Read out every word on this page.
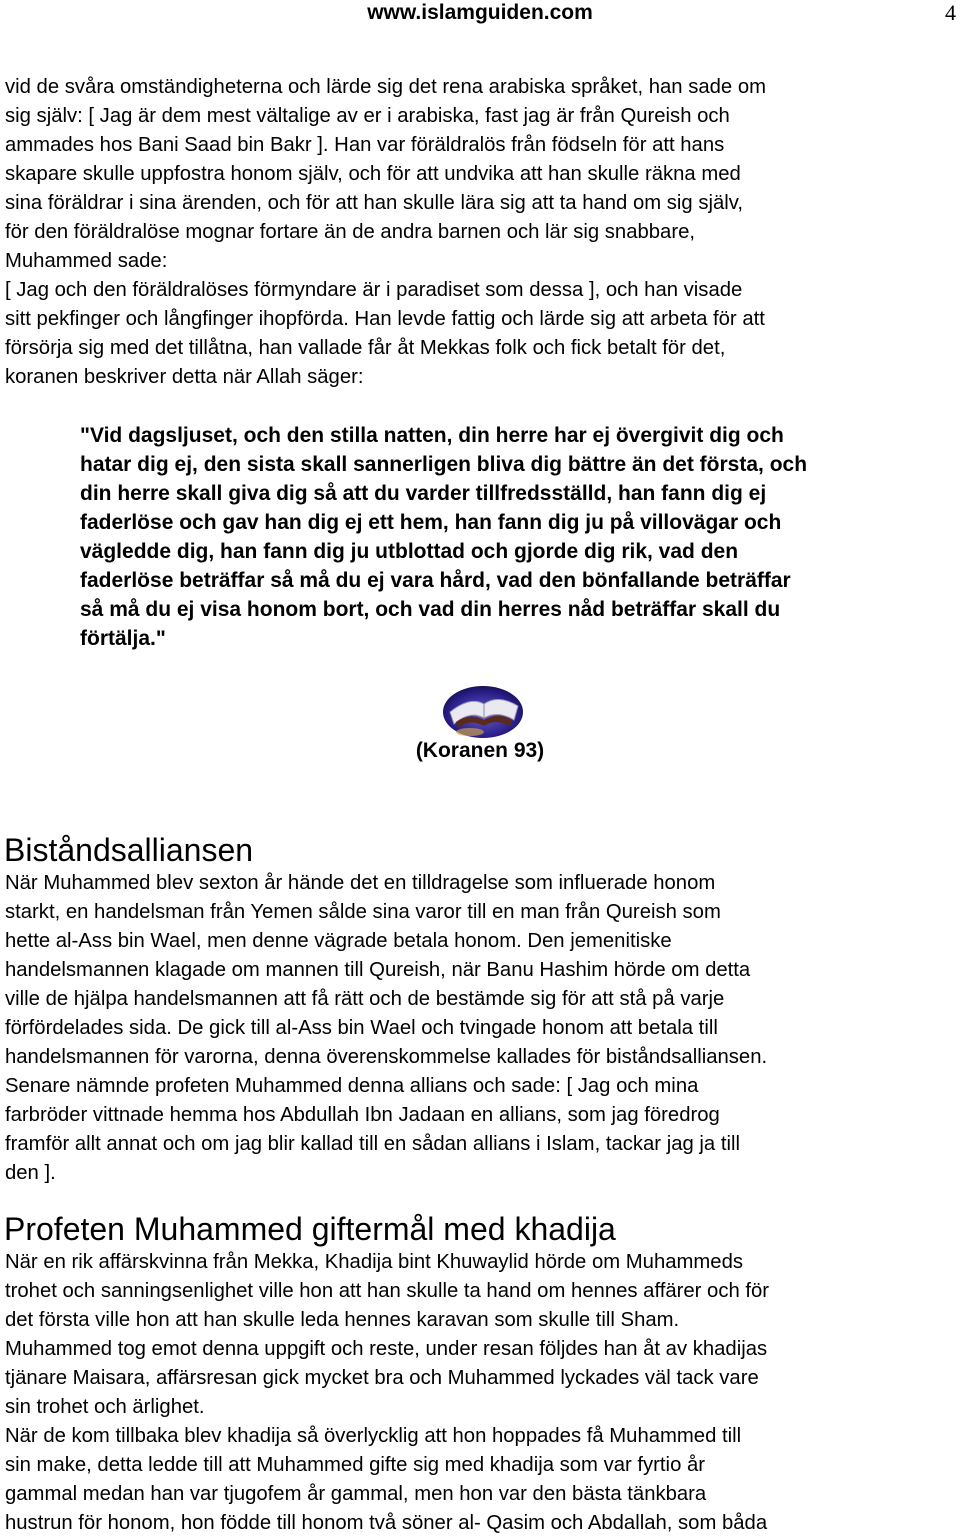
www.islamguiden.com	4
vid de svåra omständigheterna och lärde sig det rena arabiska språket, han sade om
sig själv: [ Jag är dem mest vältalige av er i arabiska, fast jag är från Qureish och
ammades hos Bani Saad bin Bakr ]. Han var föräldralös från födseln för att hans
skapare skulle uppfostra honom själv, och för att undvika att han skulle räkna med
sina föräldrar i sina ärenden, och för att han skulle lära sig att ta hand om sig själv,
för den föräldralöse mognar fortare än de andra barnen och lär sig snabbare,
Muhammed sade:
[ Jag och den föräldralöses förmyndare är i paradiset som dessa ], och han visade
sitt pekfinger och långfinger ihopförda. Han levde fattig och lärde sig att arbeta för att
försörja sig med det tillåtna, han vallade får åt Mekkas folk och fick betalt för det,
koranen beskriver detta när Allah säger:
"Vid dagsljuset, och den stilla natten, din herre har ej övergivit dig och
hatar dig ej, den sista skall sannerligen bliva dig bättre än det första, och
din herre skall giva dig så att du varder tillfredsställd, han fann dig ej
faderlöse och gav han dig ej ett hem, han fann dig ju på villovägar och
vägledde dig, han fann dig ju utblottad och gjorde dig rik, vad den
faderlöse beträffar så må du ej vara hård, vad den bönfallande beträffar
så må du ej visa honom bort, och vad din herres nåd beträffar skall du
förtälja."
(Koranen 93)
Biståndsalliansen
När Muhammed blev sexton år hände det en tilldragelse som influerade honom
starkt, en handelsman från Yemen sålde sina varor till en man från Qureish som
hette al-Ass bin Wael, men denne vägrade betala honom. Den jemenitiske
handelsmannen klagade om mannen till Qureish, när Banu Hashim hörde om detta
ville de hjälpa handelsmannen att få rätt och de bestämde sig för att stå på varje
förfördelades sida. De gick till al-Ass bin Wael och tvingade honom att betala till
handelsmannen för varorna, denna överenskommelse kallades för biståndsalliansen.
Senare nämnde profeten Muhammed denna allians och sade: [ Jag och mina
farbröder vittnade hemma hos Abdullah Ibn Jadaan en allians, som jag föredrog
framför allt annat och om jag blir kallad till en sådan allians i Islam, tackar jag ja till
den ].
Profeten Muhammed giftermål med khadija
När en rik affärskvinna från Mekka, Khadija bint Khuwaylid hörde om Muhammeds
trohet och sanningsenlighet ville hon att han skulle ta hand om hennes affärer och för
det första ville hon att han skulle leda hennes karavan som skulle till Sham.
Muhammed tog emot denna uppgift och reste, under resan följdes han åt av khadijas
tjänare Maisara, affärsresan gick mycket bra och Muhammed lyckades väl tack vare
sin trohet och ärlighet.
När de kom tillbaka blev khadija så överlycklig att hon hoppades få Muhammed till
sin make, detta ledde till att Muhammed gifte sig med khadija som var fyrtio år
gammal medan han var tjugofem år gammal, men hon var den bästa tänkbara
hustrun för honom, hon födde till honom två söner al- Qasim och Abdallah, som båda
